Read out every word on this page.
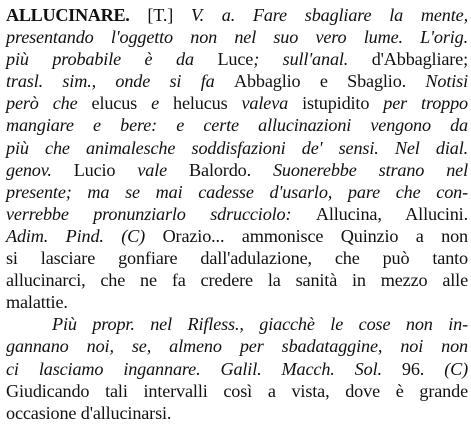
ALLUCINARE. [T.] V. a. Fare sbagliare la mente,
presentando l'oggetto non nel suo vero lume. L'orig.
più probabile è da Luce; sull'anal. d'Abbagliare;
trasl. sim., onde si fa Abbaglio e Sbaglio. Notisi
però che elucus e helucus valeva istupidito per troppo
mangiare e bere: e certe allucinazioni vengono da
più che animalesche soddisfazioni de' sensi. Nel dial.
genov. Lucio vale Balordo. Suonerebbe strano nel
presente; ma se mai cadesse d'usarlo, pare che con-
verrebbe pronunziarlo sdrucciolo: Allucina, Allucini.
Adim. Pind. (C) Orazio... ammonisce Quinzio a non
si lasciare gonfiare dall'adulazione, che può tanto
allucinarci, che ne fa credere la sanità in mezzo alle
malattie.
Più propr. nel Rifless., giacchè le cose non in-
gannano noi, se, almeno per sbadataggine, noi non
ci lasciamo ingannare. Galil. Macch. Sol. 96. (C)
Giudicando tali intervalli così a vista, dove è grande
occasione d'allucinarsi.
